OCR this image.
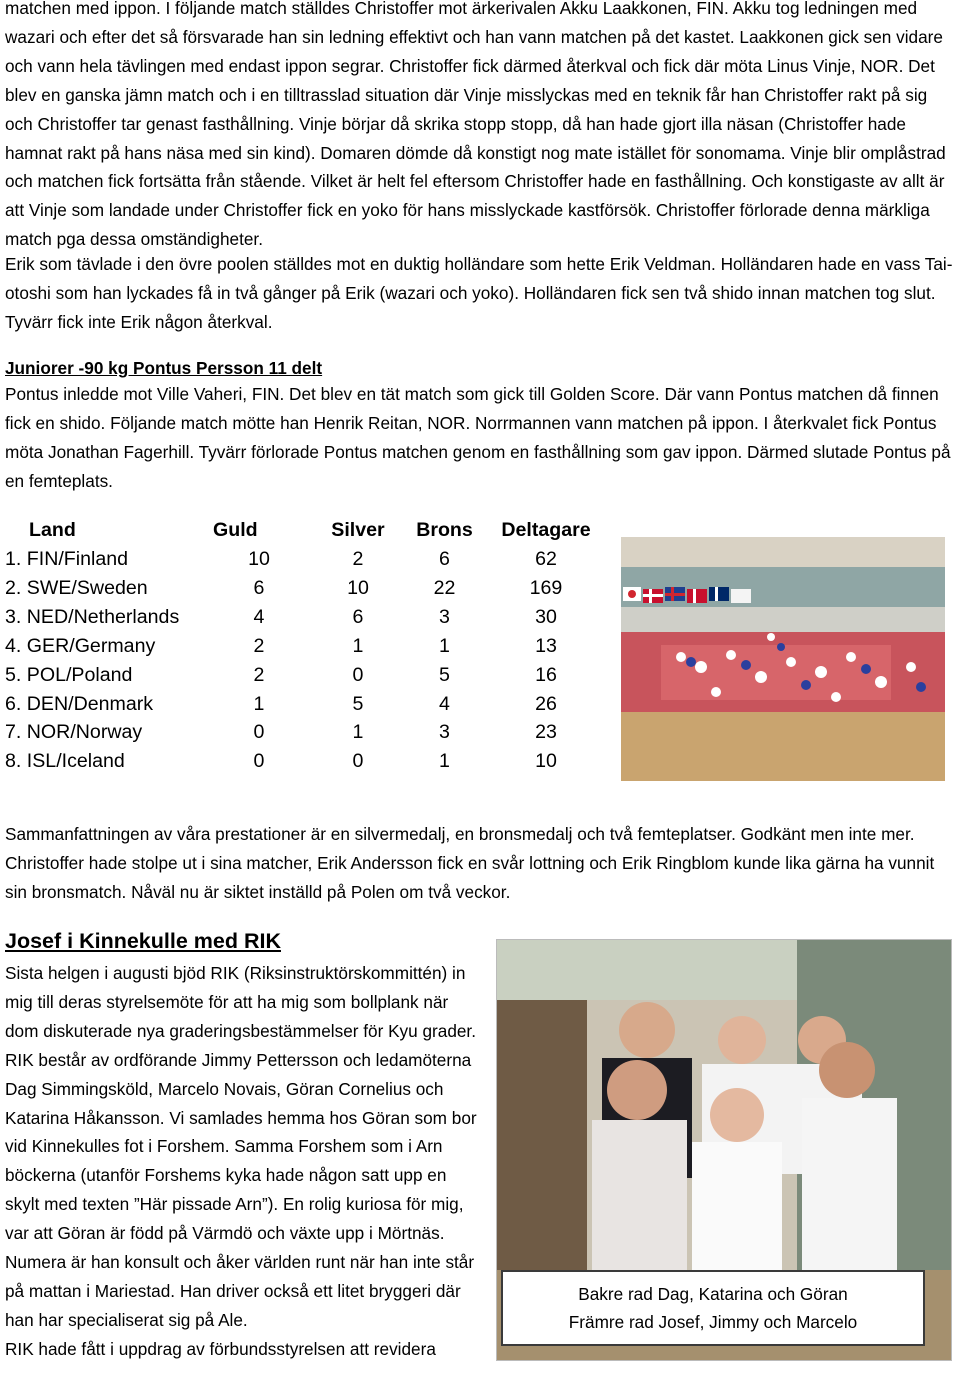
matchen med ippon. I följande match ställdes Christoffer mot ärkerivalen Akku Laakkonen, FIN. Akku tog ledningen med wazari och efter det så försvarade han sin ledning effektivt och han vann matchen på det kastet. Laakkonen gick sen vidare och vann hela tävlingen med endast ippon segrar. Christoffer fick därmed återkval och fick där möta Linus Vinje, NOR. Det blev en ganska jämn match och i en tilltrasslad situation där Vinje misslyckas med en teknik får han Christoffer rakt på sig och Christoffer tar genast fasthållning. Vinje börjar då skrika stopp stopp, då han hade gjort illa näsan (Christoffer hade hamnat rakt på hans näsa med sin kind). Domaren dömde då konstigt nog mate istället för sonomama. Vinje blir omplåstrad och matchen fick fortsätta från stående. Vilket är helt fel eftersom Christoffer hade en fasthållning. Och konstigaste av allt är att Vinje som landade under Christoffer fick en yoko för hans misslyckade kastförsök. Christoffer förlorade denna märkliga match pga dessa omständigheter.

Erik som tävlade i den övre poolen ställdes mot en duktig holländare som hette Erik Veldman. Holländaren hade en vass Tai-otoshi som han lyckades få in två gånger på Erik (wazari och yoko). Holländaren fick sen två shido innan matchen tog slut. Tyvärr fick inte Erik någon återkval.

Juniorer -90 kg Pontus Persson 11 delt

Pontus inledde mot Ville Vaheri, FIN. Det blev en tät match som gick till Golden Score. Där vann Pontus matchen då finnen fick en shido. Följande match mötte han Henrik Reitan, NOR. Norrmannen vann matchen på ippon. I återkvalet fick Pontus möta Jonathan Fagerhill. Tyvärr förlorade Pontus matchen genom en fasthållning som gav ippon. Därmed slutade Pontus på en femteplats.

Land	Guld	Silver	Brons	Deltagare
1. FIN/Finland	10	2	6	62
2. SWE/Sweden	6	10	22	169
3. NED/Netherlands	4	6	3	30
4. GER/Germany	2	1	1	13
5. POL/Poland	2	0	5	16
6. DEN/Denmark	1	5	4	26
7. NOR/Norway	0	1	3	23
8. ISL/Iceland	0	0	1	10

Sammanfattningen av våra prestationer är en silvermedalj, en bronsmedalj och två femteplatser. Godkänt men inte mer. Christoffer hade stolpe ut i sina matcher, Erik Andersson fick en svår lottning och Erik Ringblom kunde lika gärna ha vunnit sin bronsmatch. Nåväl nu är siktet inställd på Polen om två veckor.

Josef i Kinnekulle med RIK

Sista helgen i augusti bjöd RIK (Riksinstruktörskommittén) in mig till deras styrelsemöte för att ha mig som bollplank när dom diskuterade nya graderingsbestämmelser för Kyu grader. RIK består av ordförande Jimmy Pettersson och ledamöterna Dag Simmingsköld, Marcelo Novais, Göran Cornelius och Katarina Håkansson. Vi samlades hemma hos Göran som bor vid Kinnekulles fot i Forshem. Samma Forshem som i Arn böckerna (utanför Forshems kyka hade någon satt upp en skylt med texten ”Här pissade Arn”). En rolig kuriosa för mig, var att Göran är född på Värmdö och växte upp i Mörtnäs. Numera är han konsult och åker världen runt när han inte står på mattan i Mariestad. Han driver också ett litet bryggeri där han har specialiserat sig på Ale.
RIK hade fått i uppdrag av förbundsstyrelsen att revidera

Bakre rad Dag, Katarina och Göran
Främre rad Josef, Jimmy och Marcelo
